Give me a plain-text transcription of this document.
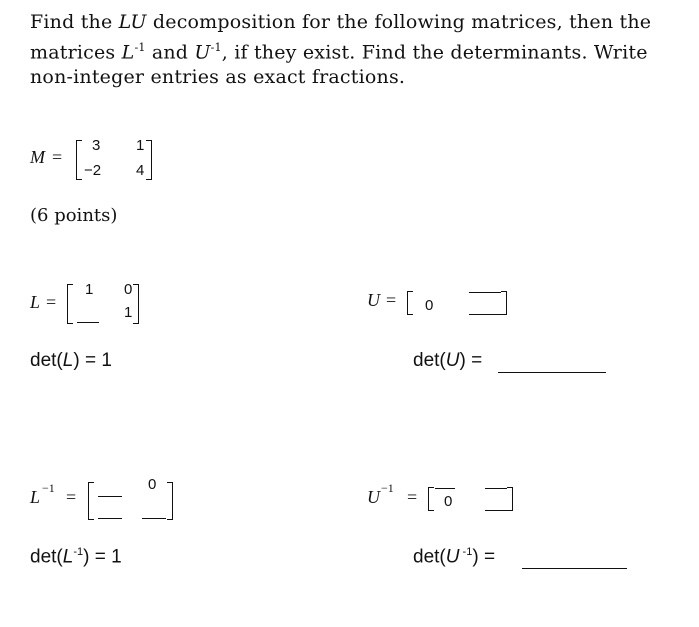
Find the LU decomposition for the following matrices, then the matrices $L^{-1}$ and $U^{-1}$, if they exist. Find the determinants. Write non-integer entries as exact fractions.
M =
3 1
−2 4
(6 points)
L =
1 0
1
U = 0
det(L) = 1	det(U) =
L −1 =
0
U −1 = 0
$\det(L^{-1}) = 1$	det(U $^{-1}$) =
